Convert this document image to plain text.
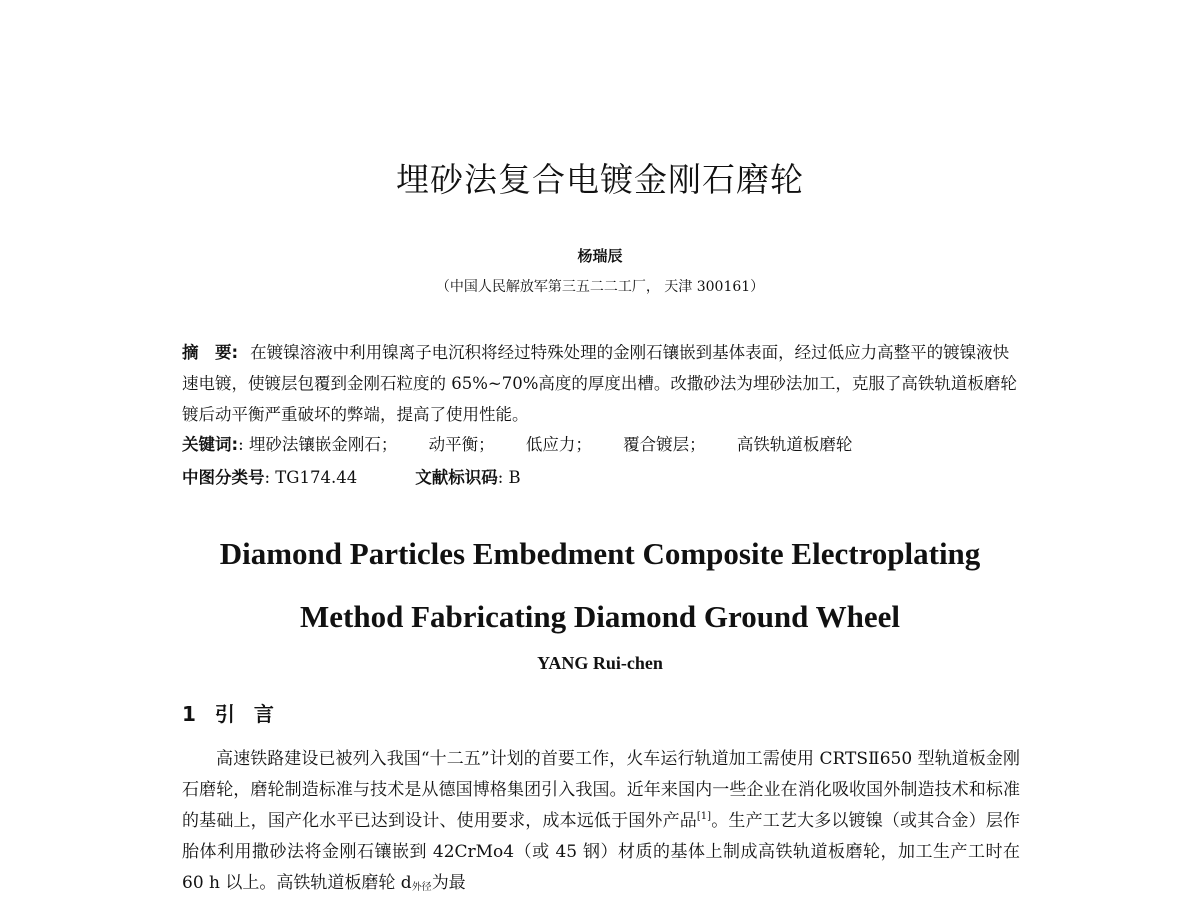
埋砂法复合电镀金刚石磨轮
杨瑞辰
（中国人民解放军第三五二二工厂， 天津 300161）
摘　要: 在镀镍溶液中利用镍离子电沉积将经过特殊处理的金刚石镶嵌到基体表面，经过低应力高整平的镀镍液快速电镀，使镀层包覆到金刚石粒度的 65%~70%高度的厚度出槽。改撒砂法为埋砂法加工，克服了高铁轨道板磨轮镀后动平衡严重破坏的弊端，提高了使用性能。
关键词:: 埋砂法镶嵌金刚石； 动平衡； 低应力； 覆合镀层； 高铁轨道板磨轮
中图分类号: TG174.44	文献标识码: B
Diamond Particles Embedment Composite Electroplating
Method Fabricating Diamond Ground Wheel
YANG Rui-chen
1 引 言

高速铁路建设已被列入我国“十二五”计划的首要工作，火车运行轨道加工需使用 CRTSⅡ650 型轨道板金刚石磨轮，磨轮制造标准与技术是从德国博格集团引入我国。近年来国内一些企业在消化吸收国外制造技术和标准的基础上，国产化水平已达到设计、使用要求，成本远低于国外产品[1]。生产工艺大多以镀镍（或其合金）层作胎体利用撒砂法将金刚石镶嵌到 42CrMo4（或 45 钢）材质的基体上制成高铁轨道板磨轮，加工生产工时在 60 h 以上。高铁轨道板磨轮 $d_{外径}$为最
